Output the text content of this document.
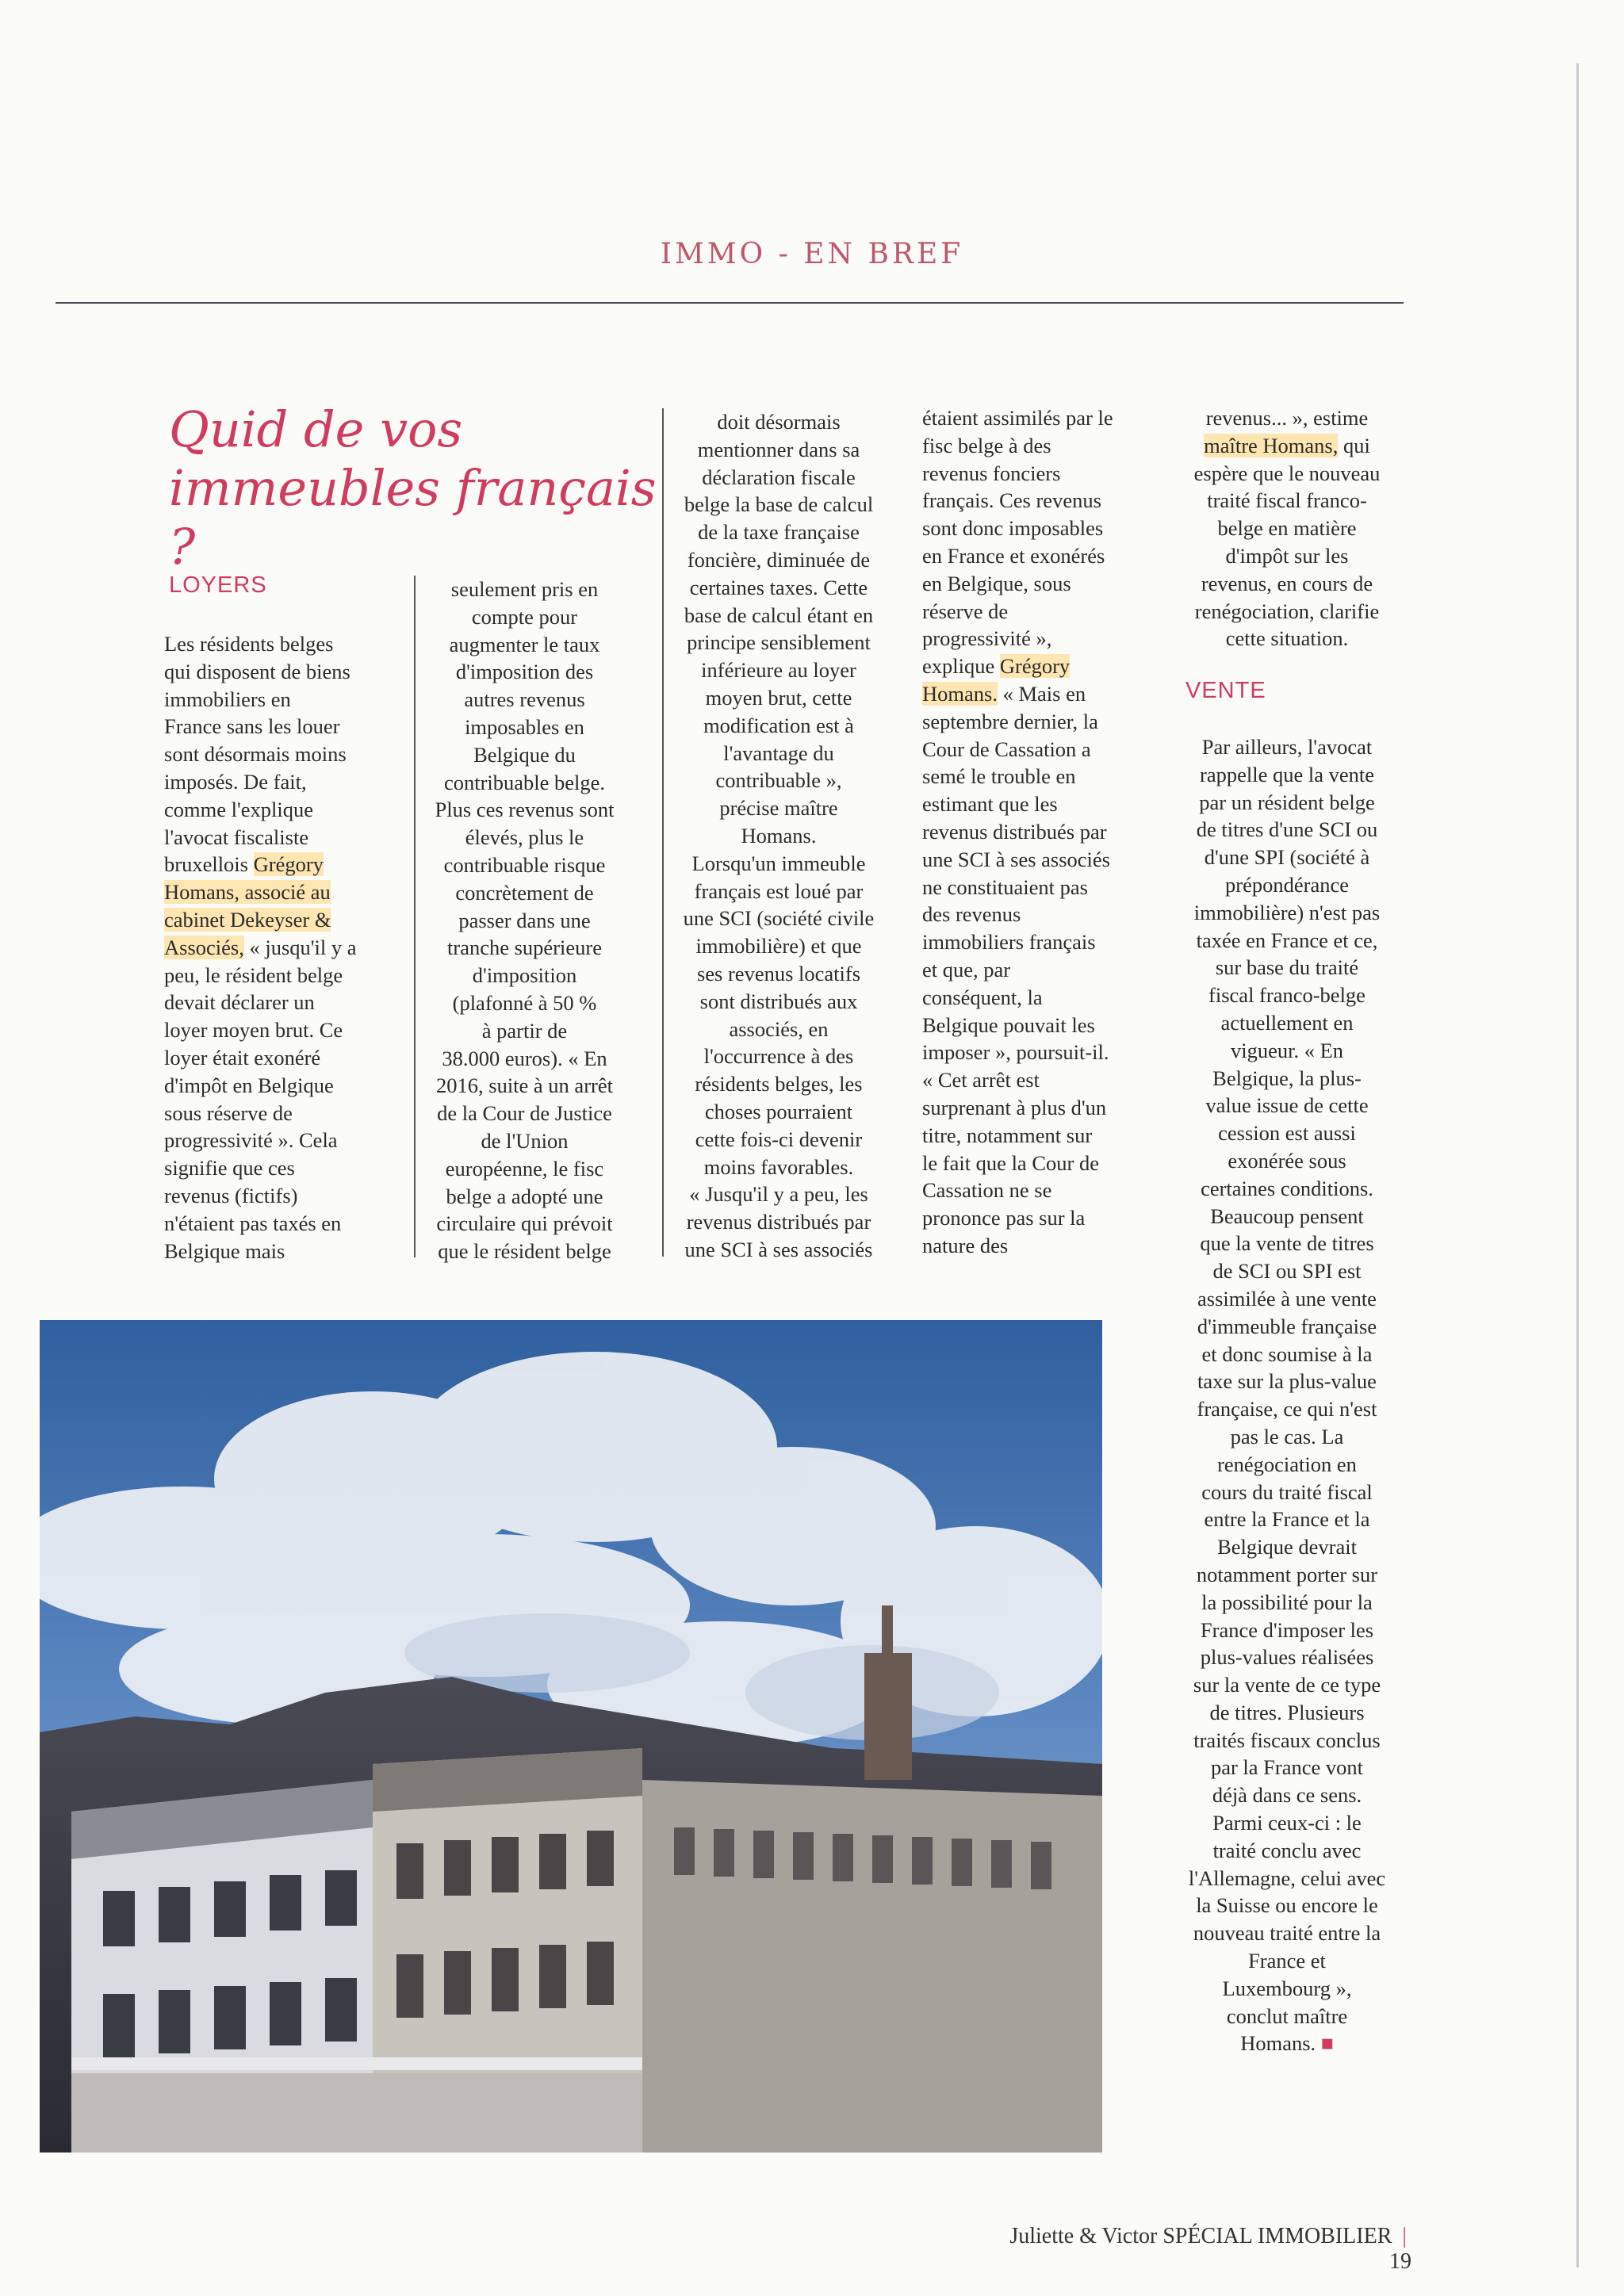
IMMO - EN BREF
Quid de vos
immeubles français ?
LOYERS
Les résidents belges
qui disposent de biens
immobiliers en
France sans les louer
sont désormais moins
imposés. De fait,
comme l'explique
l'avocat fiscaliste
bruxellois Grégory
Homans, associé au
cabinet Dekeyser &
Associés, « jusqu'il y a
peu, le résident belge
devait déclarer un
loyer moyen brut. Ce
loyer était exonéré
d'impôt en Belgique
sous réserve de
progressivité ». Cela
signifie que ces
revenus (fictifs)
n'étaient pas taxés en
Belgique mais
seulement pris en
compte pour
augmenter le taux
d'imposition des
autres revenus
imposables en
Belgique du
contribuable belge.
Plus ces revenus sont
élevés, plus le
contribuable risque
concrètement de
passer dans une
tranche supérieure
d'imposition
(plafonné à 50 %
à partir de
38.000 euros). « En
2016, suite à un arrêt
de la Cour de Justice
de l'Union
européenne, le fisc
belge a adopté une
circulaire qui prévoit
que le résident belge
doit désormais
mentionner dans sa
déclaration fiscale
belge la base de calcul
de la taxe française
foncière, diminuée de
certaines taxes. Cette
base de calcul étant en
principe sensiblement
inférieure au loyer
moyen brut, cette
modification est à
l'avantage du
contribuable »,
précise maître
Homans.
Lorsqu'un immeuble
français est loué par
une SCI (société civile
immobilière) et que
ses revenus locatifs
sont distribués aux
associés, en
l'occurrence à des
résidents belges, les
choses pourraient
cette fois-ci devenir
moins favorables.
« Jusqu'il y a peu, les
revenus distribués par
une SCI à ses associés
étaient assimilés par le
fisc belge à des
revenus fonciers
français. Ces revenus
sont donc imposables
en France et exonérés
en Belgique, sous
réserve de
progressivité »,
explique Grégory
Homans. « Mais en
septembre dernier, la
Cour de Cassation a
semé le trouble en
estimant que les
revenus distribués par
une SCI à ses associés
ne constituaient pas
des revenus
immobiliers français
et que, par
conséquent, la
Belgique pouvait les
imposer », poursuit-il.
« Cet arrêt est
surprenant à plus d'un
titre, notamment sur
le fait que la Cour de
Cassation ne se
prononce pas sur la
nature des
revenus... », estime
maître Homans, qui
espère que le nouveau
traité fiscal franco-
belge en matière
d'impôt sur les
revenus, en cours de
renégociation, clarifie
cette situation.
VENTE
Par ailleurs, l'avocat
rappelle que la vente
par un résident belge
de titres d'une SCI ou
d'une SPI (société à
prépondérance
immobilière) n'est pas
taxée en France et ce,
sur base du traité
fiscal franco-belge
actuellement en
vigueur. « En
Belgique, la plus-
value issue de cette
cession est aussi
exonérée sous
certaines conditions.
Beaucoup pensent
que la vente de titres
de SCI ou SPI est
assimilée à une vente
d'immeuble française
et donc soumise à la
taxe sur la plus-value
française, ce qui n'est
pas le cas. La
renégociation en
cours du traité fiscal
entre la France et la
Belgique devrait
notamment porter sur
la possibilité pour la
France d'imposer les
plus-values réalisées
sur la vente de ce type
de titres. Plusieurs
traités fiscaux conclus
par la France vont
déjà dans ce sens.
Parmi ceux-ci : le
traité conclu avec
l'Allemagne, celui avec
la Suisse ou encore le
nouveau traité entre la
France et
Luxembourg »,
conclut maître
Homans. ■
Juliette & Victor SPÉCIAL IMMOBILIER | 19
